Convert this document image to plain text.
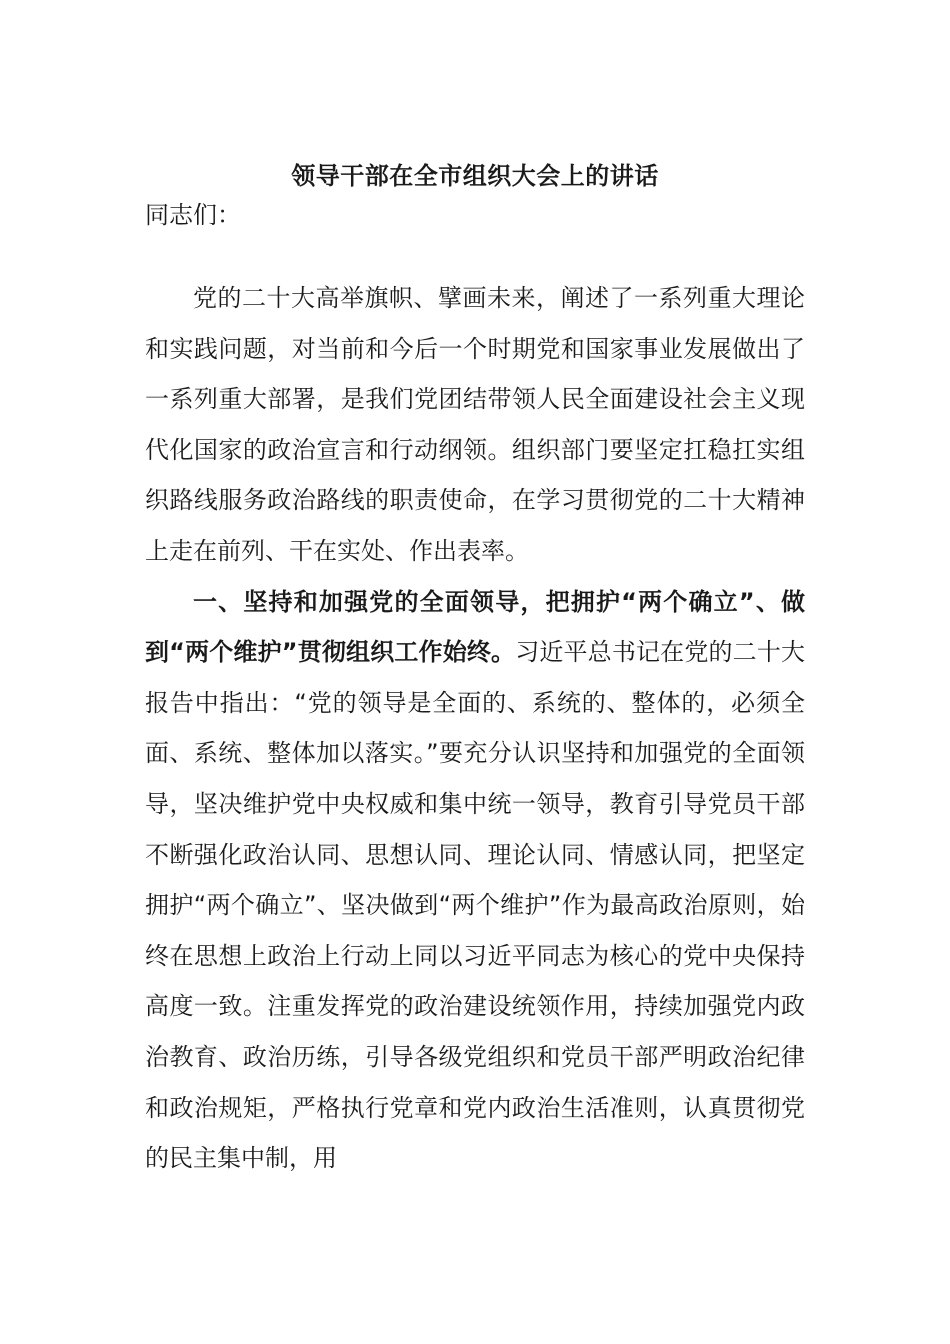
领导干部在全市组织大会上的讲话
同志们：

党的二十大高举旗帜、擘画未来，阐述了一系列重大理论和实践问题，对当前和今后一个时期党和国家事业发展做出了一系列重大部署，是我们党团结带领人民全面建设社会主义现代化国家的政治宣言和行动纲领。组织部门要坚定扛稳扛实组织路线服务政治路线的职责使命，在学习贯彻党的二十大精神上走在前列、干在实处、作出表率。

一、坚持和加强党的全面领导，把拥护“两个确立”、做到“两个维护”贯彻组织工作始终。习近平总书记在党的二十大报告中指出：“党的领导是全面的、系统的、整体的，必须全面、系统、整体加以落实。”要充分认识坚持和加强党的全面领导，坚决维护党中央权威和集中统一领导，教育引导党员干部不断强化政治认同、思想认同、理论认同、情感认同，把坚定拥护“两个确立”、坚决做到“两个维护”作为最高政治原则，始终在思想上政治上行动上同以习近平同志为核心的党中央保持高度一致。注重发挥党的政治建设统领作用，持续加强党内政治教育、政治历练，引导各级党组织和党员干部严明政治纪律和政治规矩，严格执行党章和党内政治生活准则，认真贯彻党的民主集中制，用
